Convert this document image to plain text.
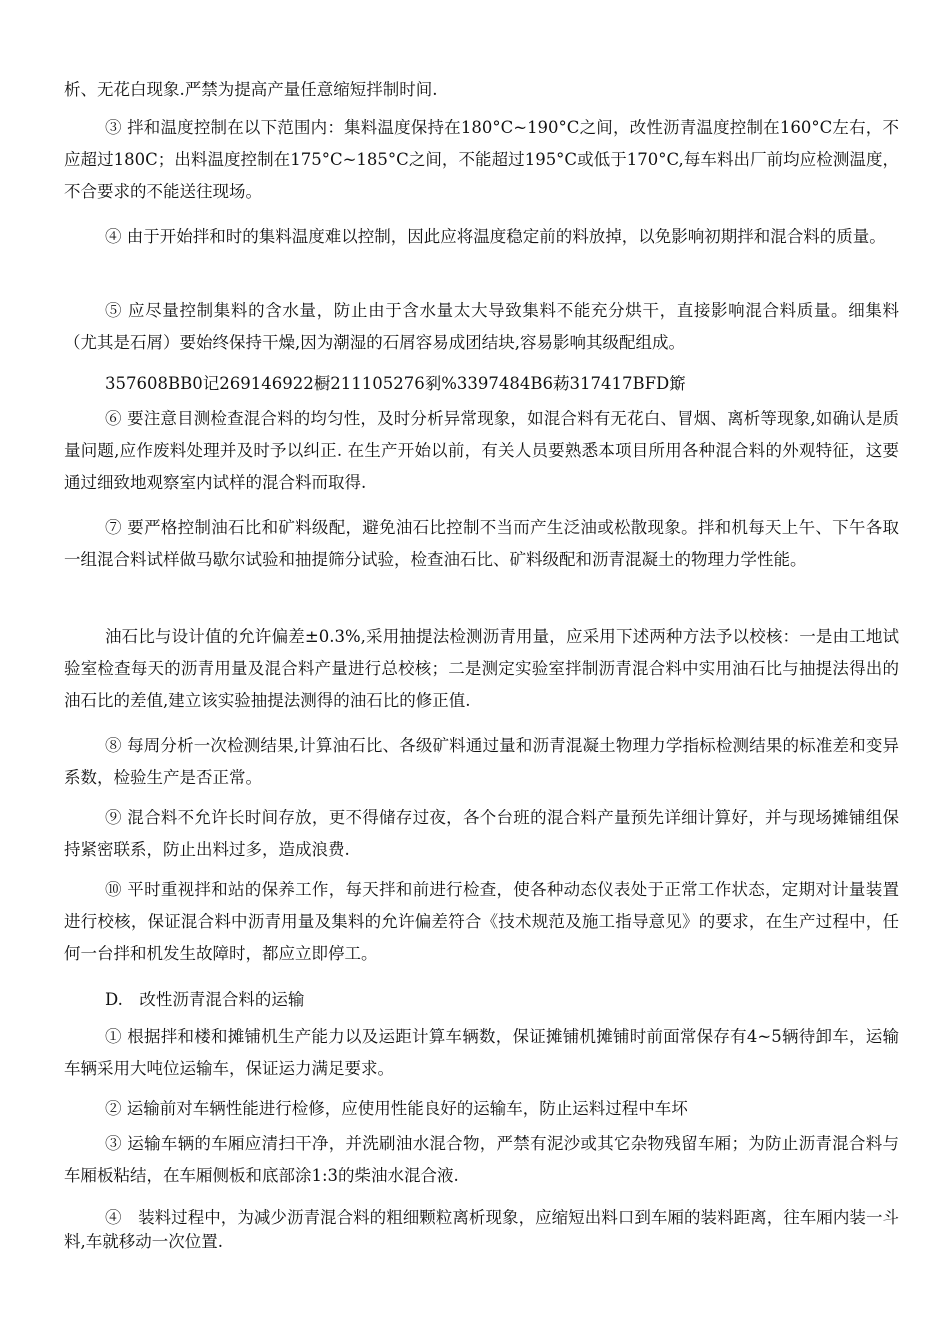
析、无花白现象.严禁为提高产量任意缩短拌制时间.

③ 拌和温度控制在以下范围内：集料温度保持在180°C~190°C之间，改性沥青温度控制在160°C左右，不应超过180C；出料温度控制在175°C~185°C之间，不能超过195°C或低于170°C,每车料出厂前均应检测温度，不合要求的不能送往现场。

④ 由于开始拌和时的集料温度难以控制，因此应将温度稳定前的料放掉，以免影响初期拌和混合料的质量。

⑤ 应尽量控制集料的含水量，防止由于含水量太大导致集料不能充分烘干，直接影响混合料质量。细集料（尤其是石屑）要始终保持干燥,因为潮湿的石屑容易成团结块,容易影响其级配组成。

357608BB0记269146922橱211105276剢%3397484B6菞317417BFD簛

⑥ 要注意目测检查混合料的均匀性，及时分析异常现象，如混合料有无花白、冒烟、离析等现象,如确认是质量问题,应作废料处理并及时予以纠正. 在生产开始以前，有关人员要熟悉本项目所用各种混合料的外观特征，这要通过细致地观察室内试样的混合料而取得.

⑦ 要严格控制油石比和矿料级配，避免油石比控制不当而产生泛油或松散现象。拌和机每天上午、下午各取一组混合料试样做马歇尔试验和抽提筛分试验，检查油石比、矿料级配和沥青混凝土的物理力学性能。

油石比与设计值的允许偏差±0.3%,采用抽提法检测沥青用量，应采用下述两种方法予以校核：一是由工地试验室检查每天的沥青用量及混合料产量进行总校核；二是测定实验室拌制沥青混合料中实用油石比与抽提法得出的油石比的差值,建立该实验抽提法测得的油石比的修正值.

⑧ 每周分析一次检测结果,计算油石比、各级矿料通过量和沥青混凝土物理力学指标检测结果的标准差和变异系数，检验生产是否正常。

⑨ 混合料不允许长时间存放，更不得储存过夜，各个台班的混合料产量预先详细计算好，并与现场摊铺组保持紧密联系，防止出料过多，造成浪费.

⑩ 平时重视拌和站的保养工作，每天拌和前进行检查，使各种动态仪表处于正常工作状态，定期对计量装置进行校核，保证混合料中沥青用量及集料的允许偏差符合《技术规范及施工指导意见》的要求，在生产过程中，任何一台拌和机发生故障时，都应立即停工。

D.　改性沥青混合料的运输

① 根据拌和楼和摊铺机生产能力以及运距计算车辆数，保证摊铺机摊铺时前面常保存有4~5辆待卸车，运输车辆采用大吨位运输车，保证运力满足要求。

② 运输前对车辆性能进行检修，应使用性能良好的运输车，防止运料过程中车坏

③ 运输车辆的车厢应清扫干净，并洗刷油水混合物，严禁有泥沙或其它杂物残留车厢；为防止沥青混合料与车厢板粘结，在车厢侧板和底部涂1:3的柴油水混合液.

④　装料过程中，为减少沥青混合料的粗细颗粒离析现象，应缩短出料口到车厢的装料距离，往车厢内装一斗料,车就移动一次位置.
